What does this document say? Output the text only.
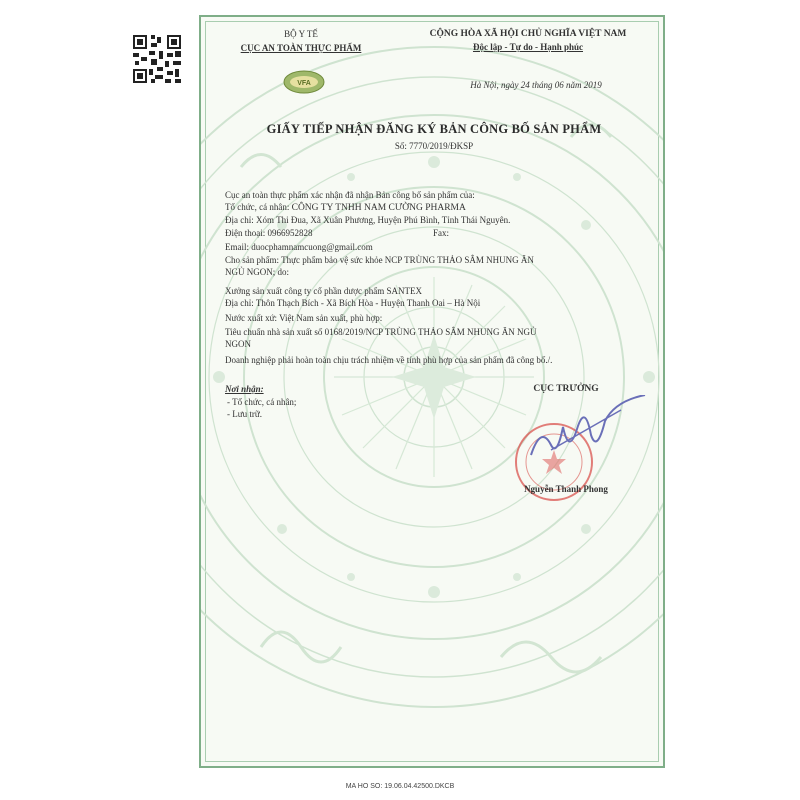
BỘ Y TẾ
CỤC AN TOÀN THỰC PHẨM
VFA
CỘNG HÒA XÃ HỘI CHỦ NGHĨA VIỆT NAM
Độc lập - Tự do - Hạnh phúc
Hà Nội, ngày 24 tháng 06 năm 2019
GIẤY TIẾP NHẬN ĐĂNG KÝ BẢN CÔNG BỐ SẢN PHẨM
Số: 7770/2019/ĐKSP
Cục an toàn thực phẩm xác nhận đã nhận Bản công bố sản phẩm của:
Tổ chức, cá nhân: CÔNG TY TNHH NAM CƯỜNG PHARMA
Địa chỉ: Xóm Thi Đua, Xã Xuân Phương, Huyện Phú Bình, Tỉnh Thái Nguyên.
Điện thoại: 0966952828	Fax:
Email: duocphamnamcuong@gmail.com
Cho sản phẩm: Thực phẩm bảo vệ sức khỏe NCP TRÙNG THẢO SÂM NHUNG ĂN
NGỦ NGON; do:
Xưởng sản xuất công ty cổ phần dược phẩm SANTEX
Địa chỉ: Thôn Thạch Bích - Xã Bích Hòa - Huyện Thanh Oai – Hà Nội
Nước xuất xứ: Việt Nam sản xuất, phù hợp:
Tiêu chuẩn nhà sản xuất số 0168/2019/NCP TRÙNG THẢO SÂM NHUNG ĂN NGỦ
NGON
Doanh nghiệp phải hoàn toàn chịu trách nhiệm về tính phù hợp của sản phẩm đã công bố./.
Nơi nhận:
- Tổ chức, cá nhân;
- Lưu trữ.
CỤC TRƯỞNG
Nguyễn Thanh Phong
MA HO SO: 19.06.04.42500.DKCB
